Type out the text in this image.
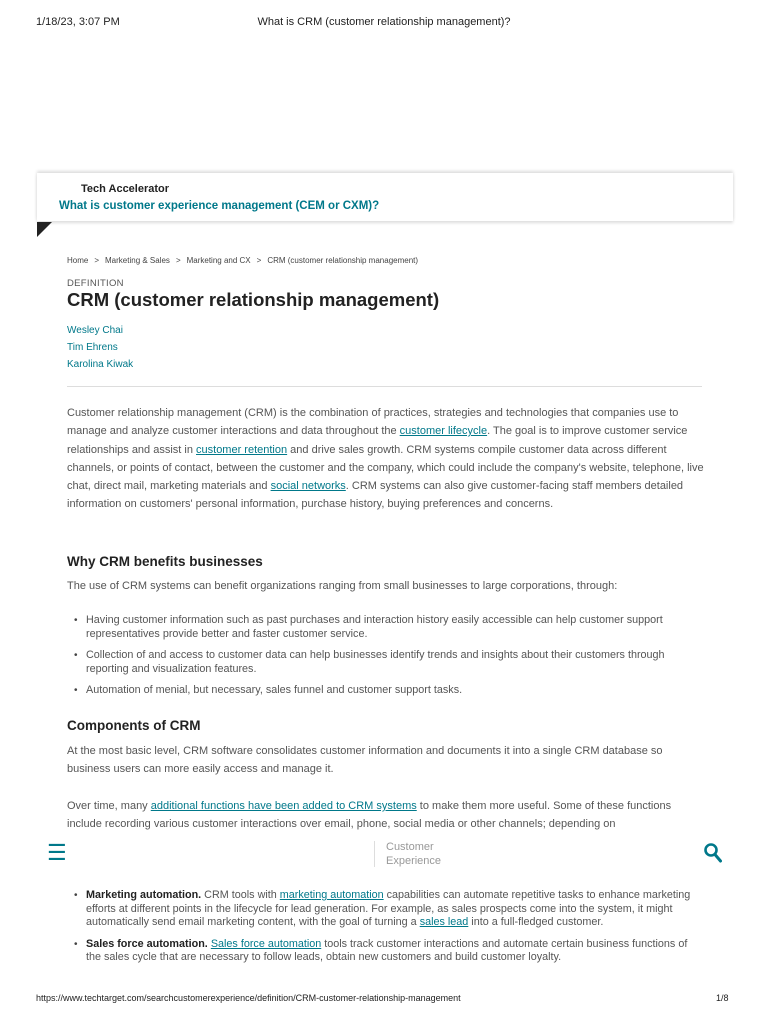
1/18/23, 3:07 PM	What is CRM (customer relationship management)?
Tech Accelerator
What is customer experience management (CEM or CXM)?
Home > Marketing & Sales > Marketing and CX > CRM (customer relationship management)
DEFINITION
CRM (customer relationship management)
Wesley Chai
Tim Ehrens
Karolina Kiwak

Customer relationship management (CRM) is the combination of practices, strategies and technologies that companies use to manage and analyze customer interactions and data throughout the customer lifecycle. The goal is to improve customer service relationships and assist in customer retention and drive sales growth. CRM systems compile customer data across different channels, or points of contact, between the customer and the company, which could include the company's website, telephone, live chat, direct mail, marketing materials and social networks. CRM systems can also give customer-facing staff members detailed information on customers' personal information, purchase history, buying preferences and concerns.

Why CRM benefits businesses

The use of CRM systems can benefit organizations ranging from small businesses to large corporations, through:

• Having customer information such as past purchases and interaction history easily accessible can help customer support representatives provide better and faster customer service.
• Collection of and access to customer data can help businesses identify trends and insights about their customers through reporting and visualization features.
• Automation of menial, but necessary, sales funnel and customer support tasks.
Components of CRM

At the most basic level, CRM software consolidates customer information and documents it into a single CRM database so business users can more easily access and manage it.

Over time, many additional functions have been added to CRM systems to make them more useful. Some of these functions include recording various customer interactions over email, phone, social media or other channels; depending on

☰	Customer
Experience
• Marketing automation. CRM tools with marketing automation capabilities can automate repetitive tasks to enhance marketing efforts at different points in the lifecycle for lead generation. For example, as sales prospects come into the system, it might automatically send email marketing content, with the goal of turning a sales lead into a full-fledged customer.
• Sales force automation. Sales force automation tools track customer interactions and automate certain business functions of the sales cycle that are necessary to follow leads, obtain new customers and build customer loyalty.
https://www.techtarget.com/searchcustomerexperience/definition/CRM-customer-relationship-management	1/8
